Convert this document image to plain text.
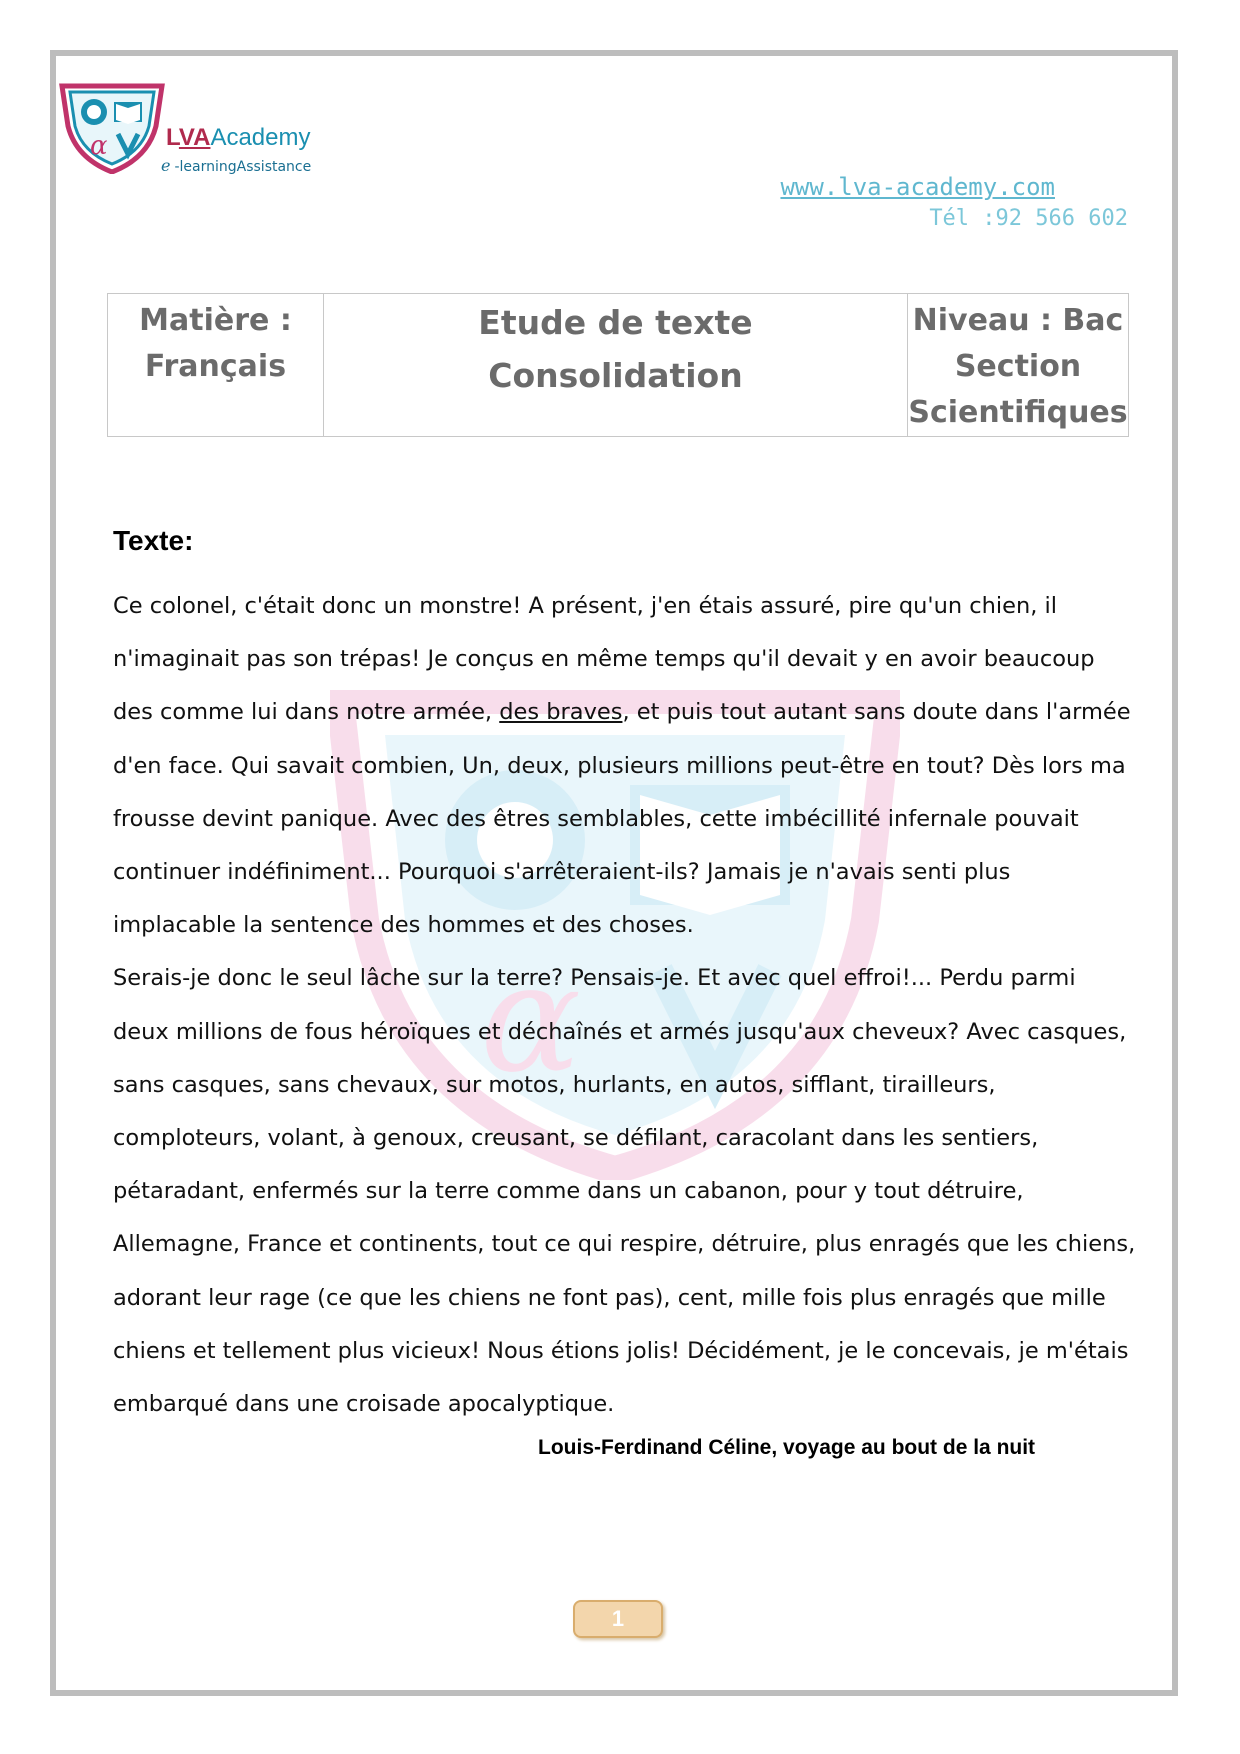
α LVAAcademy
e -learningAssistance
www.lva-academy.com
Tél :92 566 602
Matière :
Français

Etude de texte
Consolidation

Niveau : Bac
Section
Scientifiques
α
Texte:
Ce colonel, c'était donc un monstre! A présent, j'en étais assuré, pire qu'un chien, il
n'imaginait pas son trépas! Je conçus en même temps qu'il devait y en avoir beaucoup
des comme lui dans notre armée, des braves, et puis tout autant sans doute dans l'armée
d'en face. Qui savait combien, Un, deux, plusieurs millions peut-être en tout? Dès lors ma
frousse devint panique. Avec des êtres semblables, cette imbécillité infernale pouvait
continuer indéfiniment... Pourquoi s'arrêteraient-ils? Jamais je n'avais senti plus
implacable la sentence des hommes et des choses.
Serais-je donc le seul lâche sur la terre? Pensais-je. Et avec quel effroi!... Perdu parmi
deux millions de fous héroïques et déchaînés et armés jusqu'aux cheveux? Avec casques,
sans casques, sans chevaux, sur motos, hurlants, en autos, sifflant, tirailleurs,
comploteurs, volant, à genoux, creusant, se défilant, caracolant dans les sentiers,
pétaradant, enfermés sur la terre comme dans un cabanon, pour y tout détruire,
Allemagne, France et continents, tout ce qui respire, détruire, plus enragés que les chiens,
adorant leur rage (ce que les chiens ne font pas), cent, mille fois plus enragés que mille
chiens et tellement plus vicieux! Nous étions jolis! Décidément, je le concevais, je m'étais
embarqué dans une croisade apocalyptique.
Louis-Ferdinand Céline, voyage au bout de la nuit
1
